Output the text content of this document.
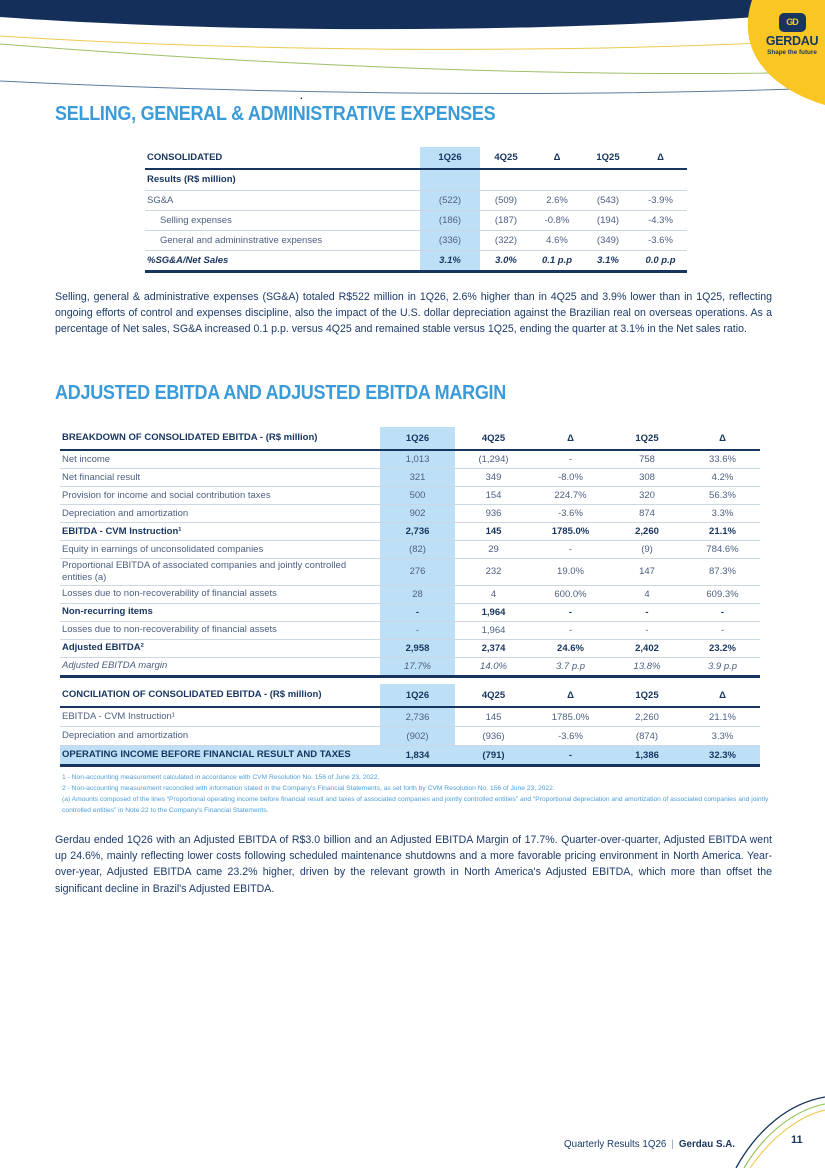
GD
GERDAU
Shape the future
.
SELLING, GENERAL & ADMINISTRATIVE EXPENSES
CONSOLIDATED	1Q26	4Q25	Δ	1Q25	Δ
Results (R$ million)
SG&A	(522)	(509)	2.6%	(543)	-3.9%
Selling expenses	(186)	(187)	-0.8%	(194)	-4.3%
General and admininstrative expenses	(336)	(322)	4.6%	(349)	-3.6%
%SG&A/Net Sales	3.1%	3.0%	0.1 p.p	3.1%	0.0 p.p
Selling, general & administrative expenses (SG&A) totaled R$522 million in 1Q26, 2.6% higher than in 4Q25 and 3.9% lower than in 1Q25, reflecting ongoing efforts of control and expenses discipline, also the impact of the U.S. dollar depreciation against the Brazilian real on overseas operations. As a percentage of Net sales, SG&A increased 0.1 p.p. versus 4Q25 and remained stable versus 1Q25, ending the quarter at 3.1% in the Net sales ratio.
ADJUSTED EBITDA AND ADJUSTED EBITDA MARGIN
BREAKDOWN OF CONSOLIDATED EBITDA - (R$ million)	1Q26	4Q25	Δ	1Q25	Δ
Net income	1,013	(1,294)	-	758	33.6%
Net financial result	321	349	-8.0%	308	4.2%
Provision for income and social contribution taxes	500	154	224.7%	320	56.3%
Depreciation and amortization	902	936	-3.6%	874	3.3%
EBITDA - CVM Instruction¹	2,736	145	1785.0%	2,260	21.1%
Equity in earnings of unconsolidated companies	(82)	29	-	(9)	784.6%
Proportional EBITDA of associated companies and jointly controlled entities (a)	276	232	19.0%	147	87.3%
Losses due to non-recoverability of financial assets	28	4	600.0%	4	609.3%
Non-recurring items	-	1,964	-	-	-
Losses due to non-recoverability of financial assets	-	1,964	-	-	-
Adjusted EBITDA²	2,958	2,374	24.6%	2,402	23.2%
Adjusted EBITDA margin	17.7%	14.0%	3.7 p.p	13.8%	3.9 p.p
CONCILIATION OF CONSOLIDATED EBITDA - (R$ million)	1Q26	4Q25	Δ	1Q25	Δ
EBITDA - CVM Instruction¹	2,736	145	1785.0%	2,260	21.1%
Depreciation and amortization	(902)	(936)	-3.6%	(874)	3.3%
OPERATING INCOME BEFORE FINANCIAL RESULT AND TAXES	1,834	(791)	-	1,386	32.3%
1 - Non-accounting measurement calculated in accordance with CVM Resolution No. 156 of June 23, 2022.
2 - Non-accounting measurement reconciled with information stated in the Company's Financial Statements, as set forth by CVM Resolution No. 156 of June 23, 2022.
(a) Amounts composed of the lines “Proportional operating income before financial result and taxes of associated companies and jointly controlled entities” and “Proportional depreciation and amortization of associated companies and jointly controlled entities” in Note 22 to the Company's Financial Statements.
Gerdau ended 1Q26 with an Adjusted EBITDA of R$3.0 billion and an Adjusted EBITDA Margin of 17.7%. Quarter-over-quarter, Adjusted EBITDA went up 24.6%, mainly reflecting lower costs following scheduled maintenance shutdowns and a more favorable pricing environment in North America. Year-over-year, Adjusted EBITDA came 23.2% higher, driven by the relevant growth in North America's Adjusted EBITDA, which more than offset the significant decline in Brazil's Adjusted EBITDA.
Quarterly Results 1Q26 | Gerdau S.A.	11
